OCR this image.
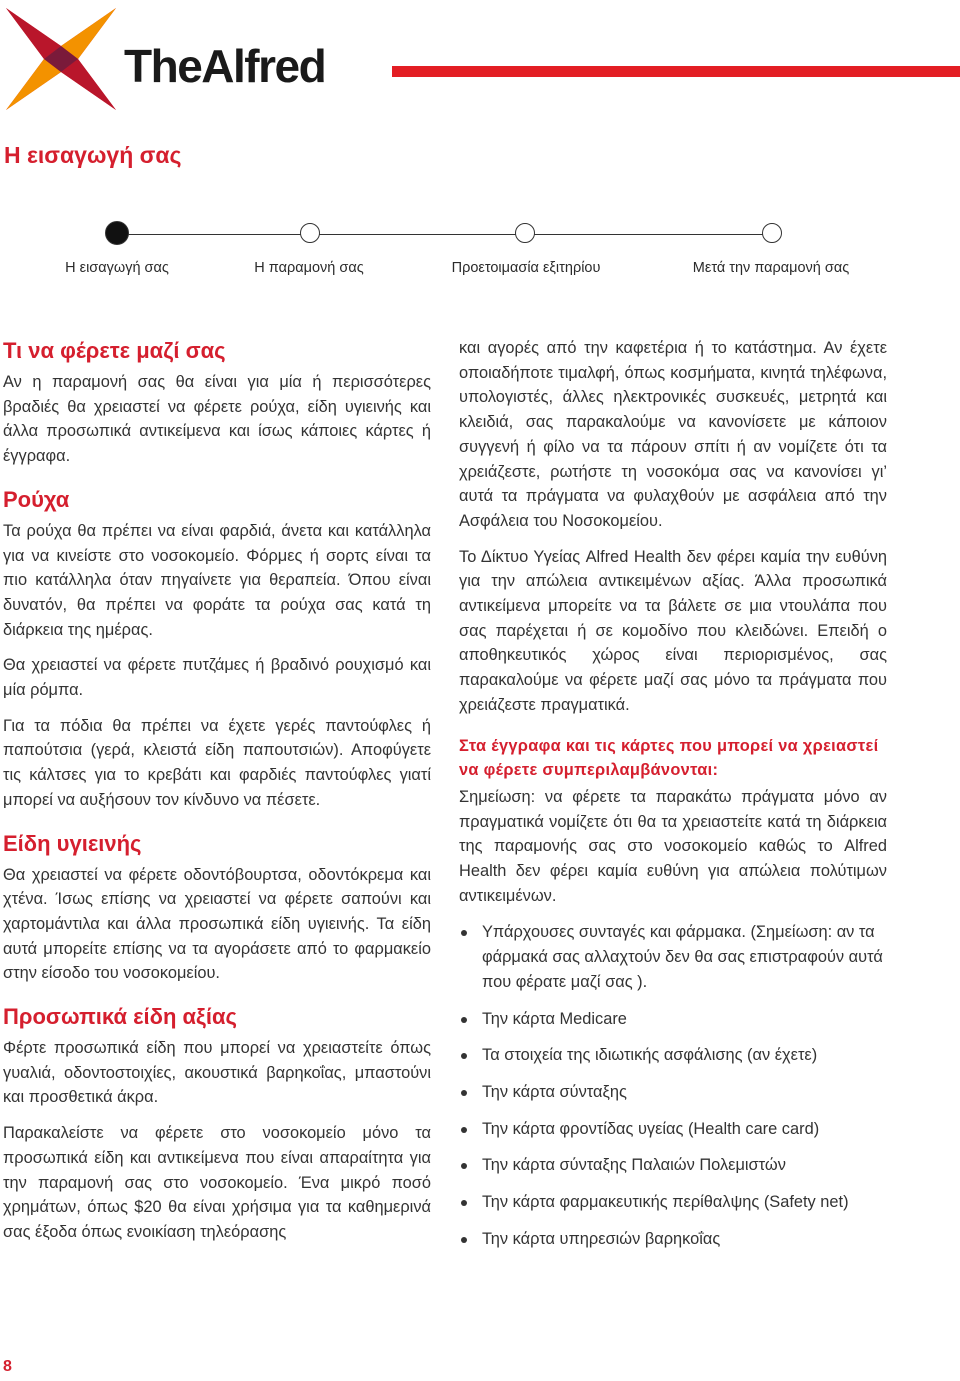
TheAlfred
Η εισαγωγή σας
Η εισαγωγή σας	Η παραμονή σας	Προετοιμασία εξιτηρίου	Μετά την παραμονή σας
Τι να φέρετε μαζί σας

Αν η παραμονή σας θα είναι για μία ή περισσότερες βραδιές θα χρειαστεί να φέρετε ρούχα, είδη υγιεινής και άλλα προσωπικά αντικείμενα και ίσως κάποιες κάρτες ή έγγραφα.

Ρούχα

Τα ρούχα θα πρέπει να είναι φαρδιά, άνετα και κατάλληλα για να κινείστε στο νοσοκομείο. Φόρμες ή σορτς είναι τα πιο κατάλληλα όταν πηγαίνετε για θεραπεία. Όπου είναι δυνατόν, θα πρέπει να φοράτε τα ρούχα σας κατά τη διάρκεια της ημέρας.

Θα χρειαστεί να φέρετε πυτζάμες ή βραδινό ρουχισμό και μία ρόμπα.

Για τα πόδια θα πρέπει να έχετε γερές παντούφλες ή παπούτσια (γερά, κλειστά είδη παπουτσιών). Αποφύγετε τις κάλτσες για το κρεβάτι και φαρδιές παντούφλες γιατί μπορεί να αυξήσουν τον κίνδυνο να πέσετε.

Είδη υγιεινής

Θα χρειαστεί να φέρετε οδοντόβουρτσα, οδοντόκρεμα και χτένα. Ίσως επίσης να χρειαστεί να φέρετε σαπούνι και χαρτομάντιλα και άλλα προσωπικά είδη υγιεινής. Τα είδη αυτά μπορείτε επίσης να τα αγοράσετε από το φαρμακείο στην είσοδο του νοσοκομείου.

Προσωπικά είδη αξίας

Φέρτε προσωπικά είδη που μπορεί να χρειαστείτε όπως γυαλιά, οδοντοστοιχίες, ακουστικά βαρηκοΐας, μπαστούνι και προσθετικά άκρα.

Παρακαλείστε να φέρετε στο νοσοκομείο μόνο τα προσωπικά είδη και αντικείμενα που είναι απαραίτητα για την παραμονή σας στο νοσοκομείο. Ένα μικρό ποσό χρημάτων, όπως $20 θα είναι χρήσιμα για τα καθημερινά σας έξοδα όπως ενοικίαση τηλεόρασης

και αγορές από την καφετέρια ή το κατάστημα. Αν έχετε οποιαδήποτε τιμαλφή, όπως κοσμήματα, κινητά τηλέφωνα, υπολογιστές, άλλες ηλεκτρονικές συσκευές, μετρητά και κλειδιά, σας παρακαλούμε να κανονίσετε με κάποιον συγγενή ή φίλο να τα πάρουν σπίτι ή αν νομίζετε ότι τα χρειάζεστε, ρωτήστε τη νοσοκόμα σας να κανονίσει γι’ αυτά τα πράγματα να φυλαχθούν με ασφάλεια από την Ασφάλεια του Νοσοκομείου.

Το Δίκτυο Υγείας Alfred Health δεν φέρει καμία την ευθύνη για την απώλεια αντικειμένων αξίας. Άλλα προσωπικά αντικείμενα μπορείτε να τα βάλετε σε μια ντουλάπα που σας παρέχεται ή σε κομοδίνο που κλειδώνει. Επειδή ο αποθηκευτικός χώρος είναι περιορισμένος, σας παρακαλούμε να φέρετε μαζί σας μόνο τα πράγματα που χρειάζεστε πραγματικά.

Στα έγγραφα και τις κάρτες που μπορεί να χρειαστεί να φέρετε συμπεριλαμβάνονται:

Σημείωση: να φέρετε τα παρακάτω πράγματα μόνο αν πραγματικά νομίζετε ότι θα τα χρειαστείτε κατά τη διάρκεια της παραμονής σας στο νοσοκομείο καθώς το Alfred Health δεν φέρει καμία ευθύνη για απώλεια πολύτιμων αντικειμένων.

Υπάρχουσες συνταγές και φάρμακα. (Σημείωση: αν τα φάρμακά σας αλλαχτούν δεν θα σας επιστραφούν αυτά που φέρατε μαζί σας ).
Την κάρτα Medicare
Τα στοιχεία της ιδιωτικής ασφάλισης (αν έχετε)
Την κάρτα σύνταξης
Την κάρτα φροντίδας υγείας (Health care card)
Την κάρτα σύνταξης Παλαιών Πολεμιστών
Την κάρτα φαρμακευτικής περίθαλψης (Safety net)
Την κάρτα υπηρεσιών βαρηκοΐας
8
